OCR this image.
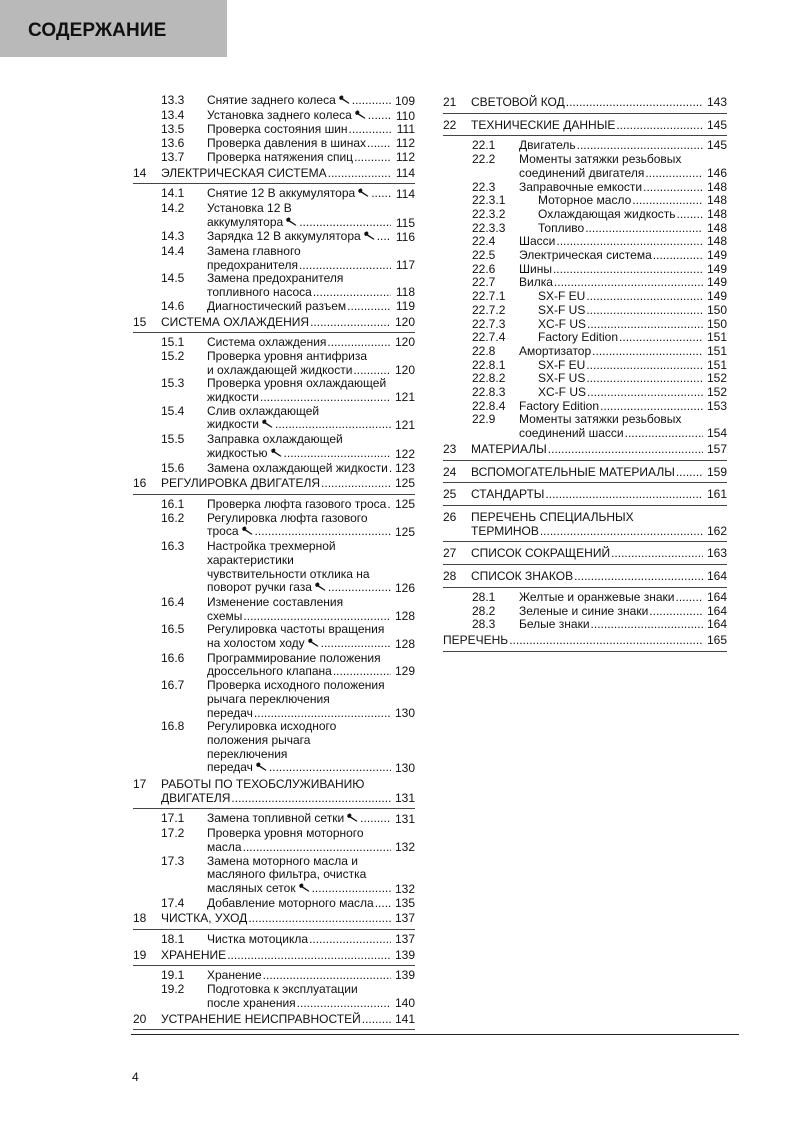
СОДЕРЖАНИЕ
13.3	Снятие заднего колеса .....	109
13.4	Установка заднего колеса .....	110
13.5	Проверка состояния шин .....	111
13.6	Проверка давления в шинах .....	112
13.7	Проверка натяжения спиц .....	112
14	ЭЛЕКТРИЧЕСКАЯ СИСТЕМА .....	114
14.1	Снятие 12 В аккумулятора .....	114
14.2	Установка 12 В
аккумулятора .....	115
14.3	Зарядка 12 В аккумулятора .....	116
14.4	Замена главного
предохранителя .....	117
14.5	Замена предохранителя
топливного насоса .....	118
14.6	Диагностический разъем .....	119
15	СИСТЕМА ОХЛАЖДЕНИЯ .....	120
15.1	Система охлаждения .....	120
15.2	Проверка уровня антифриза
и охлаждающей жидкости .....	120
15.3	Проверка уровня охлаждающей
жидкости .....	121
15.4	Слив охлаждающей
жидкости .....	121
15.5	Заправка охлаждающей
жидкостью .....	122
15.6	Замена охлаждающей жидкости ..... 123
16	РЕГУЛИРОВКА ДВИГАТЕЛЯ .....	125
16.1	Проверка люфта газового троса ..... 125
16.2	Регулировка люфта газового
троса .....	125
16.3	Настройка трехмерной
характеристики
чувствительности отклика на
поворот ручки газа .....	126
16.4	Изменение составления
схемы .....	128
16.5	Регулировка частоты вращения
на холостом ходу .....	128
16.6	Программирование положения
дроссельного клапана .....	129
16.7	Проверка исходного положения
рычага переключения
передач .....	130
16.8	Регулировка исходного
положения рычага переключения
передач .....	130
17	РАБОТЫ ПО ТЕХОБСЛУЖИВАНИЮ
ДВИГАТЕЛЯ .....	131
17.1	Замена топливной сетки .....	131
17.2	Проверка уровня моторного
масла .....	132
17.3	Замена моторного масла и
масляного фильтра, очистка
масляных сеток .....	132
17.4	Добавление моторного масла .....	135
18	ЧИСТКА, УХОД .....	137
18.1	Чистка мотоцикла .....	137
19	ХРАНЕНИЕ .....	139
19.1	Хранение .....	139
19.2	Подготовка к эксплуатации
после хранения .....	140
20	УСТРАНЕНИЕ НЕИСПРАВНОСТЕЙ .....	141
21	СВЕТОВОЙ КОД .....	143
22	ТЕХНИЧЕСКИЕ ДАННЫЕ .....	145
22.1	Двигатель .....	145
22.2	Моменты затяжки резьбовых
соединений двигателя .....	146
22.3	Заправочные емкости .....	148
22.3.1	Моторное масло .....	148
22.3.2	Охлаждающая жидкость .....	148
22.3.3	Топливо .....	148
22.4	Шасси .....	148
22.5	Электрическая система .....	149
22.6	Шины .....	149
22.7	Вилка .....	149
22.7.1	SX-F EU .....	149
22.7.2	SX-F US .....	150
22.7.3	XC-F US .....	150
22.7.4	Factory Edition .....	151
22.8	Амортизатор .....	151
22.8.1	SX-F EU .....	151
22.8.2	SX-F US .....	152
22.8.3	XC-F US .....	152
22.8.4	Factory Edition .....	153
22.9	Моменты затяжки резьбовых
соединений шасси .....	154
23	МАТЕРИАЛЫ .....	157
24	ВСПОМОГАТЕЛЬНЫЕ МАТЕРИАЛЫ .....	159
25	СТАНДАРТЫ .....	161
26	ПЕРЕЧЕНЬ СПЕЦИАЛЬНЫХ
ТЕРМИНОВ .....	162
27	СПИСОК СОКРАЩЕНИЙ .....	163
28	СПИСОК ЗНАКОВ .....	164
28.1	Желтые и оранжевые знаки .....	164
28.2	Зеленые и синие знаки .....	164
28.3	Белые знаки .....	164
ПЕРЕЧЕНЬ .....	165
4
